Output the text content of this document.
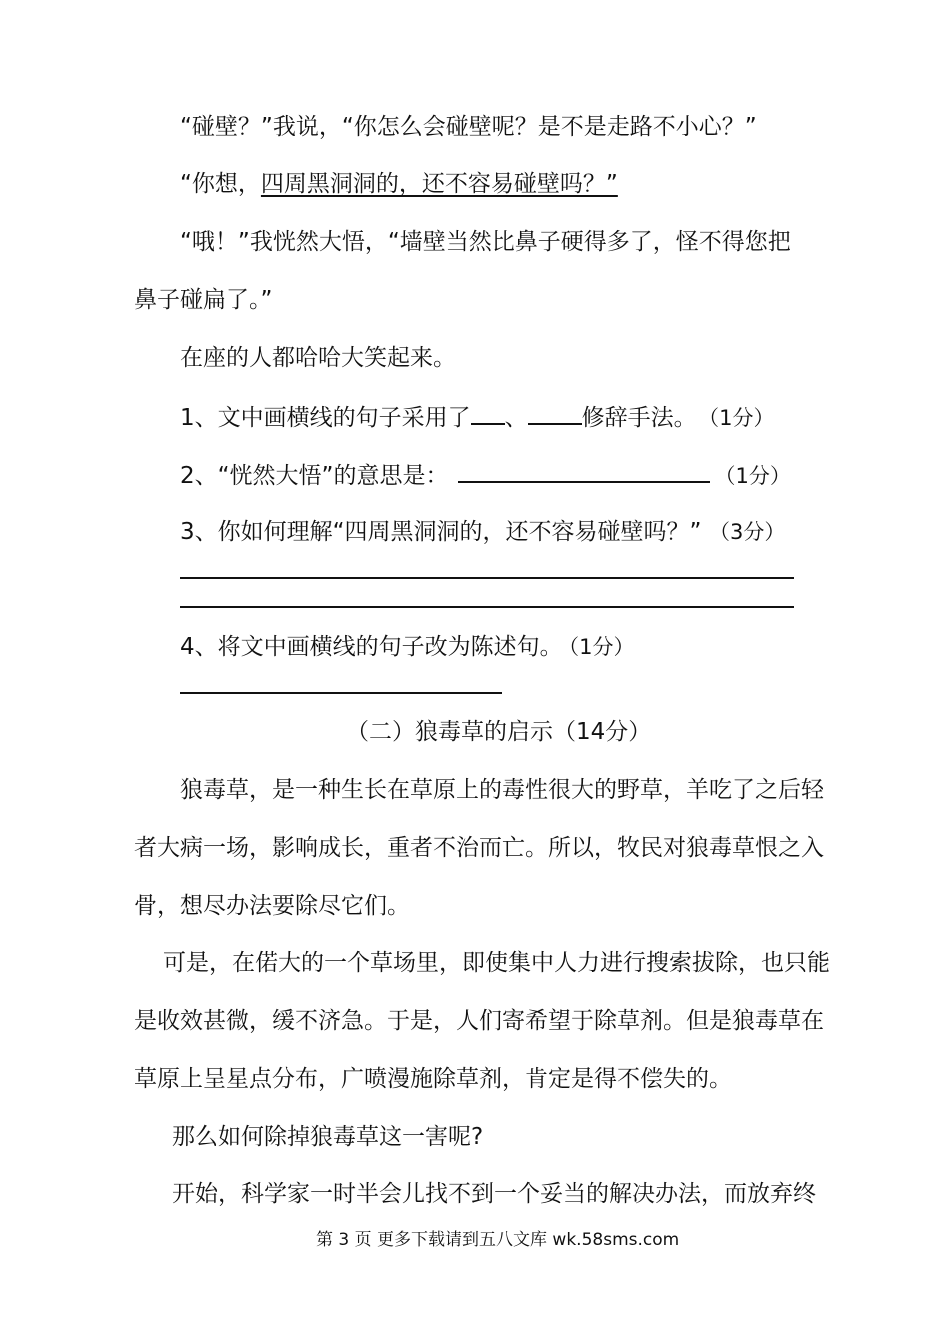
“碰壁？”我说，“你怎么会碰壁呢？是不是走路不小心？”
“你想，四周黑洞洞的，还不容易碰壁吗？”
“哦！”我恍然大悟，“墙壁当然比鼻子硬得多了，怪不得您把
鼻子碰扁了。”
在座的人都哈哈大笑起来。
1、文中画横线的句子采用了 、 修辞手法。 （1分）
2、“恍然大悟”的意思是：	（1分）
3、你如何理解“四周黑洞洞的，还不容易碰壁吗？” （3分）
4、将文中画横线的句子改为陈述句。 （1分）
（二）狼毒草的启示（14分）
狼毒草，是一种生长在草原上的毒性很大的野草，羊吃了之后轻
者大病一场，影响成长，重者不治而亡。所以，牧民对狼毒草恨之入
骨，想尽办法要除尽它们。
可是，在偌大的一个草场里，即使集中人力进行搜索拔除，也只能
是收效甚微，缓不济急。于是，人们寄希望于除草剂。但是狼毒草在
草原上呈星点分布，广喷漫施除草剂，肯定是得不偿失的。
那么如何除掉狼毒草这一害呢?
开始，科学家一时半会儿找不到一个妥当的解决办法，而放弃终
第 3 页 更多下载请到五八文库 wk.58sms.com
